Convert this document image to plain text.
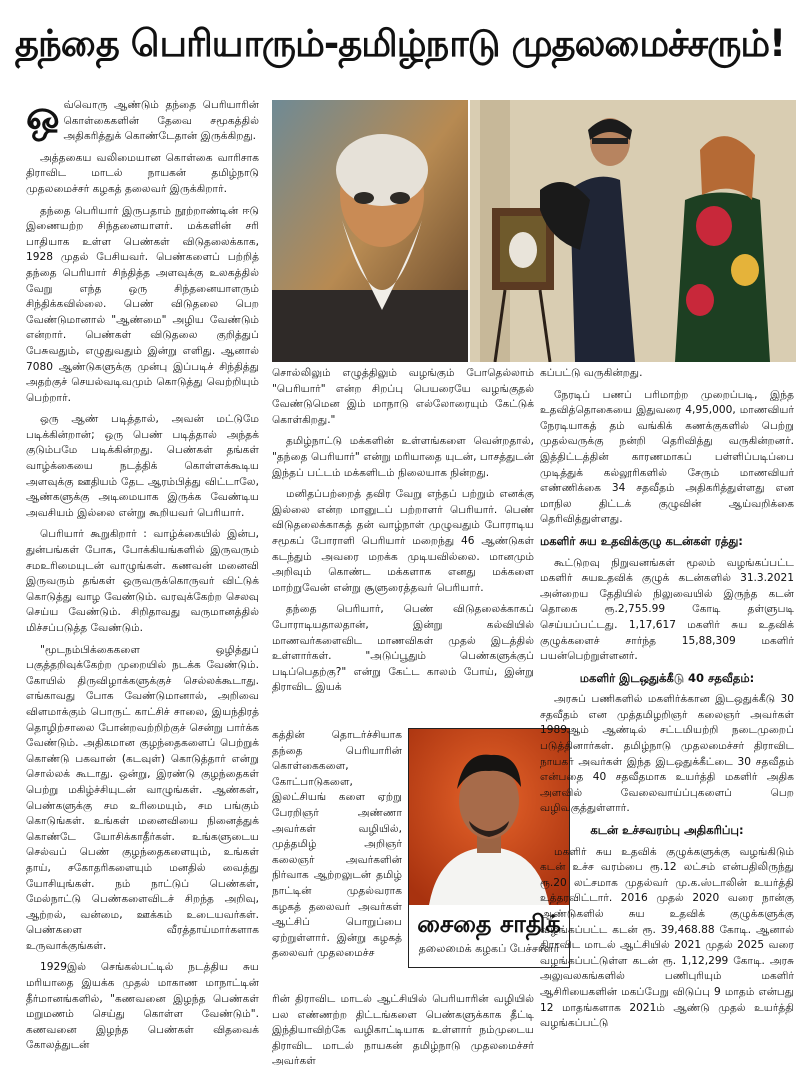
தந்தை பெரியாரும்-தமிழ்நாடு முதலமைச்சரும்!

ஒவ்வொரு ஆண்டும் தந்தை பெரியாரின் கொள்கைகளின் தேவை சமூகத்தில் அதிகரித்துக் கொண்டேதான் இருக்கிறது.

அத்தகைய வலிமையான கொள்கை வாரிசாக திராவிட மாடல் நாயகன் தமிழ்நாடு முதலமைச்சர் கழகத் தலைவர் இருக்கிறார்.

தந்தை பெரியார் இருபதாம் நூற்றாண்டின் ஈடு இணையற்ற சிந்தனையாளர். மக்களின் சரி பாதியாக உள்ள பெண்கள் விடுதலைக்காக, 1928 முதல் பேசியவர். பெண்களைப் பற்றித் தந்தை பெரியார் சிந்தித்த அளவுக்கு உலகத்தில் வேறு எந்த ஒரு சிந்தனையாளரும் சிந்திக்கவில்லை. பெண் விடுதலை பெற வேண்டுமானால் "ஆண்மை" அழிய வேண்டும் என்றார். பெண்கள் விடுதலை குறித்துப் பேசுவதும், எழுதுவதும் இன்று எளிது. ஆனால் 7080 ஆண்டுகளுக்கு முன்பு இப்படிச் சிந்தித்து அதற்குச் செயல்வடிவமும் கொடுத்து வெற்றியும் பெற்றார்.

ஒரு ஆண் படித்தால், அவன் மட்டுமே படிக்கின்றான்; ஒரு பெண் படித்தால் அந்தக் குடும்பமே படிக்கின்றது. பெண்கள் தங்கள் வாழ்க்கையை நடத்திக் கொள்ளக்கூடிய அளவுக்கு ஊதியம் தேட ஆரம்பித்து விட்டாலே, ஆண்களுக்கு அடிமையாக இருக்க வேண்டிய அவசியம் இல்லை என்று கூறியவர் பெரியார்.

பெரியார் கூறுகிறார் : வாழ்க்கையில் இன்ப, துன்பங்கள் போக, போக்கியங்களில் இருவரும் சமஉரிமையுடன் வாழுங்கள். கணவன் மனைவி இருவரும் தங்கள் ஒருவருக்கொருவர் விட்டுக் கொடுத்து வாழ வேண்டும். வரவுக்கேற்ற செலவு செய்ய வேண்டும். சிறிதாவது வருமானத்தில் மிச்சப்படுத்த வேண்டும்.

"மூடநம்பிக்கைகளை ஒழித்துப் பகுத்தறிவுக்கேற்ற முறையில் நடக்க வேண்டும். கோயில் திருவிழாக்களுக்குச் செல்லக்கூடாது. எங்காவது போக வேண்டுமானால், அறிவை விளமாக்கும் பொருட் காட்சிச் சாலை, இயந்திரத் தொழிற்சாலை போன்றவற்றிற்குச் சென்று பார்க்க வேண்டும். அதிகமான குழந்தைகளைப் பெற்றுக் கொண்டு பகவான் (கடவுள்) கொடுத்தார் என்று சொல்லக் கூடாது. ஒன்று, இரண்டு குழந்தைகள் பெற்று மகிழ்ச்சியுடன் வாழுங்கள். ஆண்கள், பெண்களுக்கு சம உரிமையும், சம பங்கும் கொடுங்கள். உங்கள் மனைவியை நினைத்துக் கொண்டே யோசிக்காதீர்கள். உங்களுடைய செல்வப் பெண் குழந்தைகளையும், உங்கள் தாய், சகோதரிகளையும் மனதில் வைத்து யோசியுங்கள். நம் நாட்டுப் பெண்கள், மேல்நாட்டு பெண்களைவிடச் சிறந்த அறிவு, ஆற்றல், வன்மை, ஊக்கம் உடையவர்கள். பெண்களை வீரத்தாய்மார்களாக உருவாக்குங்கள்.

1929இல் செங்கல்பட்டில் நடத்திய சுய மரியாதை இயக்க முதல் மாகாண மாநாட்டின் தீர்மானங்களில், "கணவனை இழந்த பெண்கள் மறுமணம் செய்து கொள்ள வேண்டும்". கணவனை இழந்த பெண்கள் விதவைக் கோலத்துடன்

சொல்லிலும் எழுத்திலும் வழங்கும் போதெல்லாம் "பெரியார்" என்ற சிறப்பு பெயரையே வழங்குதல் வேண்டுமென இம் மாநாடு எல்லோரையும் கேட்டுக் கொள்கிறது."

தமிழ்நாட்டு மக்களின் உள்ளங்களை வென்றதால், "தந்தை பெரியார்" என்று மரியாதை யுடன், பாசத்துடன் இந்தப் பட்டம் மக்களிடம் நிலையாக நின்றது.

மனிதப்பற்றைத் தவிர வேறு எந்தப் பற்றும் எனக்கு இல்லை என்ற மானுடப் பற்றாளர் பெரியார். பெண் விடுதலைக்காகத் தன் வாழ்நாள் முழுவதும் போராடிய சமூகப் போராளி பெரியார் மறைந்து 46 ஆண்டுகள் கடந்தும் அவரை மறக்க முடியவில்லை. மானமும் அறிவும் கொண்ட மக்களாக எனது மக்களை மாற்றுவேன் என்று சூளுரைத்தவர் பெரியார்.

தந்தை பெரியார், பெண் விடுதலைக்காகப் போராடியதாலதான், இன்று கல்வியில் மாணவர்களைவிட மாணவிகள் முதல் இடத்தில் உள்ளார்கள். "அடுப்பூதும் பெண்களுக்குப் படிப்பெதற்கு?" என்று கேட்ட காலம் போய், இன்று திராவிட இயக்

கத்தின் தொடர்ச்சியாக தந்தை பெரியாரின் கொள்கைகளை, கோட்பாடுகளை, இலட்சியங் களை ஏற்று பேரறிஞர் அண்ணா அவர்கள் வழியில், முத்தமிழ் அறிஞர் கலைஞர் அவர்களின் நிர்வாக ஆற்றலுடன் தமிழ் நாட்டின் முதல்வராக கழகத் தலைவர் அவர்கள் ஆட்சிப் பொறுப்பை ஏற்றுள்ளார். இன்று கழகத் தலைவர் முதலமைச்ச

ரின் திராவிட மாடல் ஆட்சியில் பெரியாரின் வழியில் பல எண்ணற்ற திட்டங்களை பெண்களுக்காக தீட்டி இந்தியாவிற்கே வழிகாட்டியாக உள்ளார் நம்முடைய திராவிட மாடல் நாயகன் தமிழ்நாடு முதலமைச்சர் அவர்கள்

சைதை சாதிக்
தலைமைக் கழகப் பேச்சாளர்

கப்பட்டு வருகின்றது.

நேரடிப் பணப் பரிமாற்ற முறைப்படி, இந்த உதவித்தொகையை இதுவரை 4,95,000, மாணவியர் நேரடியாகத் தம் வங்கிக் கணக்குகளில் பெற்று முதல்வருக்கு நன்றி தெரிவித்து வருகின்றனர். இத்திட்டத்தின் காரணமாகப் பள்ளிப்படிப்பை முடித்துக் கல்லூரிகளில் சேரும் மாணவியர் எண்ணிக்கை 34 சதவீதம் அதிகரித்துள்ளது என மாநில திட்டக் குழுவின் ஆய்வறிக்கை தெரிவித்துள்ளது.

மகளிர் சுய உதவிக்குழு கடன்கள் ரத்து:

கூட்டுறவு நிறுவனங்கள் மூலம் வழங்கப்பட்ட மகளிர் சுயஉதவிக் குழுக் கடன்களில் 31.3.2021 அன்றைய தேதியில் நிலுவையில் இருந்த கடன் தொகை ரூ.2,755.99 கோடி தள்ளுபடி செய்யப்பட்டது. 1,17,617 மகளிர் சுய உதவிக் குழுக்களைச் சார்ந்த 15,88,309 மகளிர் பயன்பெற்றுள்ளனர்.

மகளிர் இடஒதுக்கீடு 40 சதவீதம்:

அரசுப் பணிகளில் மகளிர்க்கான இடஒதுக்கீடு 30 சதவீதம் என முத்தமிழறிஞர் கலைஞர் அவர்கள் 1989ஆம் ஆண்டில் சட்டமியற்றி நடைமுறைப் படுத்தினார்கள். தமிழ்நாடு முதலமைச்சர் திராவிட நாயகர் அவர்கள் இந்த இடஒதுக்கீட்டை 30 சதவீதம் என்பதை 40 சதவீதமாக உயர்த்தி மகளிர் அதிக அளவில் வேலைவாய்ப்புகளைப் பெற வழிவகுத்துள்ளார்.

கடன் உச்சவரம்பு அதிகரிப்பு:

மகளிர் சுய உதவிக் குழுக்களுக்கு வழங்கிடும் கடன் உச்ச வரம்பை ரூ.12 லட்சம் என்பதிலிருந்து ரூ.20 லட்சமாக முதல்வர் மு.க.ஸ்டாலின் உயர்த்தி உத்தரவிட்டார். 2016 முதல் 2020 வரை நான்கு ஆண்டுகளில் சுய உதவிக் குழுக்களுக்கு வழங்கப்பட்ட கடன் ரூ. 39,468.88 கோடி. ஆனால் திராவிட மாடல் ஆட்சியில் 2021 முதல் 2025 வரை வழங்கப்பட்டுள்ள கடன் ரூ. 1,12,299 கோடி. அரசு அலுவலகங்களில் பணிபுரியும் மகளிர் ஆசிரியைகளின் மகப்பேறு விடுப்பு 9 மாதம் என்பது 12 மாதங்களாக 2021ம் ஆண்டு முதல் உயர்த்தி வழங்கப்பட்டு
